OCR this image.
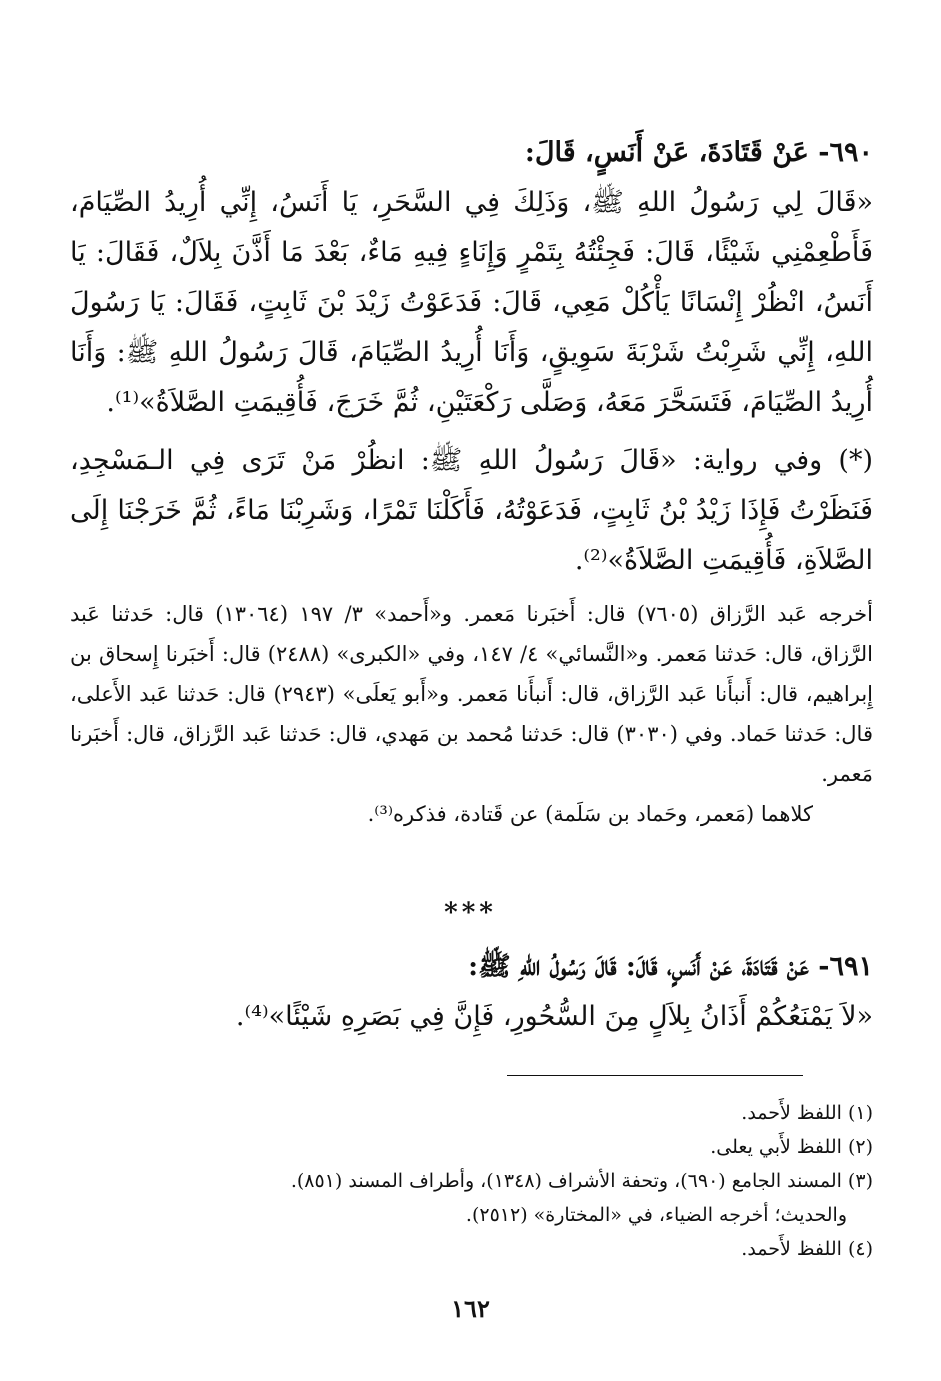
٦٩٠- عَنْ قَتَادَةَ، عَنْ أَنَسٍ، قَالَ:

«قَالَ لِي رَسُولُ اللهِ ﷺ، وَذَلِكَ فِي السَّحَرِ، يَا أَنَسُ، إِنِّي أُرِيدُ الصِّيَامَ، فَأَطْعِمْنِي شَيْئًا، قَالَ: فَجِئْتُهُ بِتَمْرٍ وَإِنَاءٍ فِيهِ مَاءٌ، بَعْدَ مَا أَذَّنَ بِلاَلٌ، فَقَالَ: يَا أَنَسُ، انْظُرْ إِنْسَانًا يَأْكُلْ مَعِي، قَالَ: فَدَعَوْتُ زَيْدَ بْنَ ثَابِتٍ، فَقَالَ: يَا رَسُولَ اللهِ، إِنِّي شَرِبْتُ شَرْبَةَ سَوِيقٍ، وَأَنَا أُرِيدُ الصِّيَامَ، قَالَ رَسُولُ اللهِ ﷺ: وَأَنَا أُرِيدُ الصِّيَامَ، فَتَسَحَّرَ مَعَهُ، وَصَلَّى رَكْعَتَيْنِ، ثُمَّ خَرَجَ، فَأُقِيمَتِ الصَّلاَةُ»⁽¹⁾.

(*) وفي رواية: «قَالَ رَسُولُ اللهِ ﷺ: انظُرْ مَنْ تَرَى فِي الـمَسْجِدِ، فَنَظَرْتُ فَإِذَا زَيْدُ بْنُ ثَابِتٍ، فَدَعَوْتُهُ، فَأَكَلْنَا تَمْرًا، وَشَرِبْنَا مَاءً، ثُمَّ خَرَجْنَا إِلَى الصَّلاَةِ، فَأُقِيمَتِ الصَّلاَةُ»⁽²⁾.

أخرجه عَبد الرَّزاق (٧٦٠٥) قال: أَخبَرنا مَعمر. و«أَحمد» ٣/ ١٩٧ (١٣٠٦٤) قال: حَدثنا عَبد الرَّزاق، قال: حَدثنا مَعمر. و«النَّسائي» ٤/ ١٤٧، وفي «الكبرى» (٢٤٨٨) قال: أَخبَرنا إِسحاق بن إِبراهيم، قال: أَنبأَنا عَبد الرَّزاق، قال: أَنبأَنا مَعمر. و«أَبو يَعلَى» (٢٩٤٣) قال: حَدثنا عَبد الأَعلى، قال: حَدثنا حَماد. وفي (٣٠٣٠) قال: حَدثنا مُحمد بن مَهدي، قال: حَدثنا عَبد الرَّزاق، قال: أَخبَرنا مَعمر.

كلاهما (مَعمر، وحَماد بن سَلَمة) عن قَتادة، فذكره⁽³⁾.

***

٦٩١- عَنْ قَتَادَةَ، عَنْ أَنَسٍ، قَالَ: قَالَ رَسُولُ اللهِ ﷺ:

«لاَ يَمْنَعُكُمْ أَذَانُ بِلاَلٍ مِنَ السُّحُورِ، فَإِنَّ فِي بَصَرِهِ شَيْئًا»⁽⁴⁾.

(١) اللفظ لأَحمد.

(٢) اللفظ لأَبي يعلى.

(٣) المسند الجامع (٦٩٠)، وتحفة الأشراف (١٣٤٨)، وأطراف المسند (٨٥١).

والحديث؛ أخرجه الضياء، في «المختارة» (٢٥١٢).

(٤) اللفظ لأَحمد.

١٦٢
